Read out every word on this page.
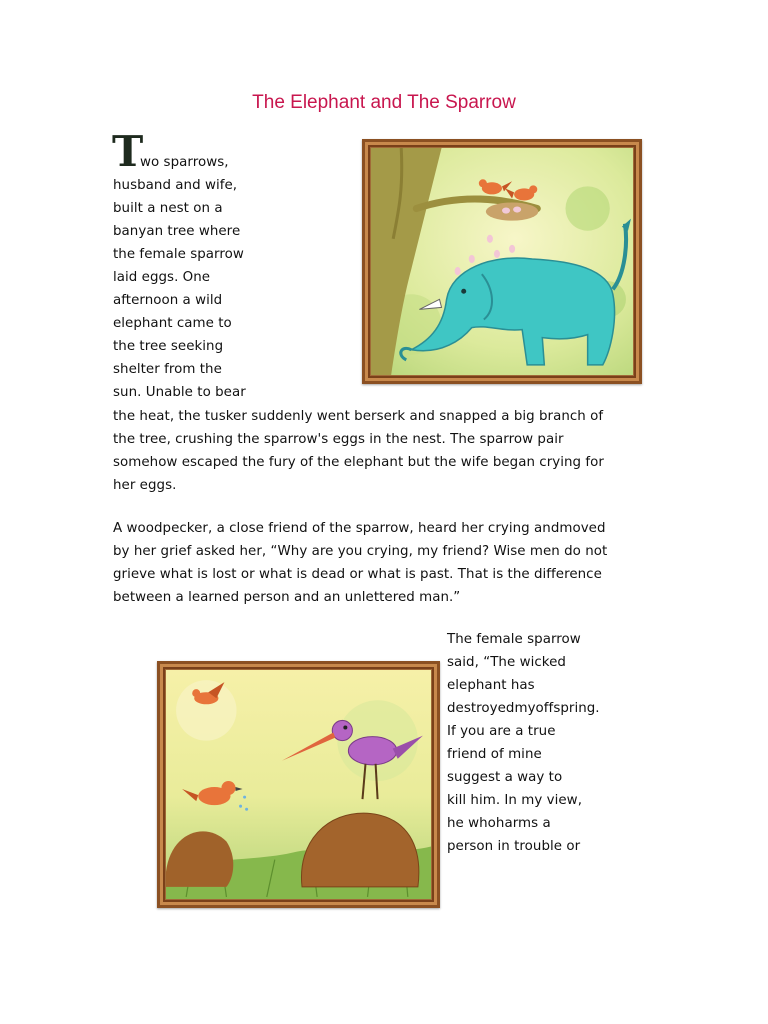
The Elephant and The Sparrow
T
wo sparrows,
husband and wife,
built a nest on a
banyan tree where
the female sparrow
laid eggs. One
afternoon a wild
elephant came to
the tree seeking
shelter from the
sun. Unable to bear
the heat, the tusker suddenly went berserk and snapped a big branch of
the tree, crushing the sparrow's eggs in the nest. The sparrow pair
somehow escaped the fury of the elephant but the wife began crying for
her eggs.
A woodpecker, a close friend of the sparrow, heard her crying andmoved
by her grief asked her, “Why are you crying, my friend? Wise men do not
grieve what is lost or what is dead or what is past. That is the difference
between a learned person and an unlettered man.”
The female sparrow
said, “The wicked
elephant has
destroyedmyoffspring.
If you are a true
friend of mine
suggest a way to
kill him. In my view,
he whoharms a
person in trouble or
